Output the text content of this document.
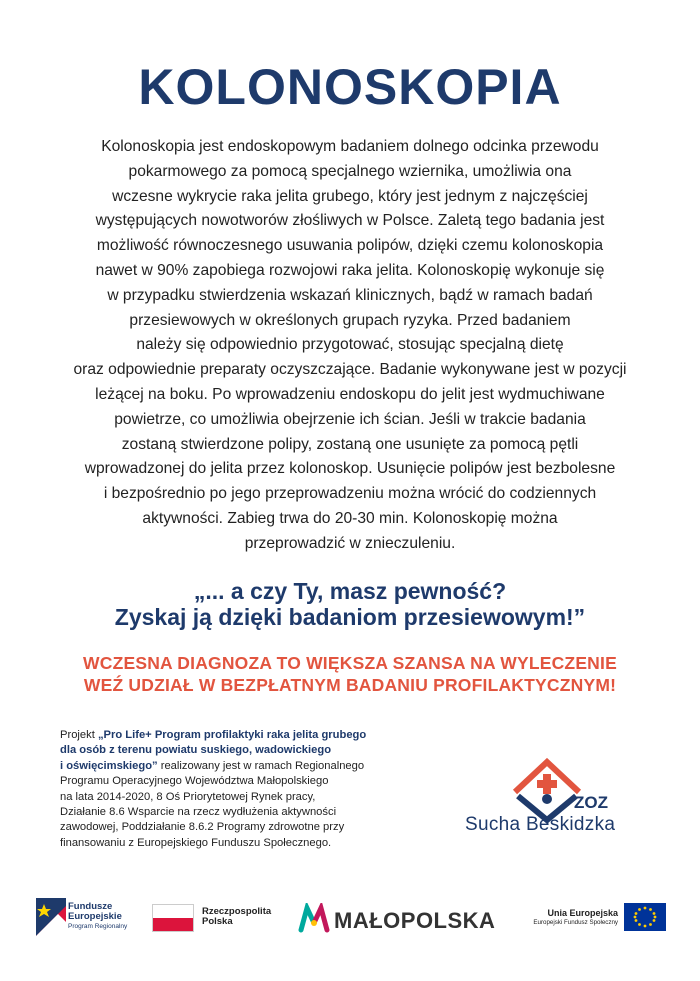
KOLONOSKOPIA
Kolonoskopia jest endoskopowym badaniem dolnego odcinka przewodu
pokarmowego za pomocą specjalnego wziernika, umożliwia ona
wczesne wykrycie raka jelita grubego, który jest jednym z najczęściej
występujących nowotworów złośliwych w Polsce. Zaletą tego badania jest
możliwość równoczesnego usuwania polipów, dzięki czemu kolonoskopia
nawet w 90% zapobiega rozwojowi raka jelita. Kolonoskopię wykonuje się
w przypadku stwierdzenia wskazań klinicznych, bądź w ramach badań
przesiewowych w określonych grupach ryzyka. Przed badaniem
należy się odpowiednio przygotować, stosując specjalną dietę
oraz odpowiednie preparaty oczyszczające. Badanie wykonywane jest w pozycji
leżącej na boku. Po wprowadzeniu endoskopu do jelit jest wydmuchiwane
powietrze, co umożliwia obejrzenie ich ścian. Jeśli w trakcie badania
zostaną stwierdzone polipy, zostaną one usunięte za pomocą pętli
wprowadzonej do jelita przez kolonoskop. Usunięcie polipów jest bezbolesne
i bezpośrednio po jego przeprowadzeniu można wrócić do codziennych
aktywności. Zabieg trwa do 20-30 min. Kolonoskopię można
przeprowadzić w znieczuleniu.
„... a czy Ty, masz pewność?
Zyskaj ją dzięki badaniom przesiewowym!”
WCZESNA DIAGNOZA TO WIĘKSZA SZANSA NA WYLECZENIE
WEŹ UDZIAŁ W BEZPŁATNYM BADANIU PROFILAKTYCZNYM!
Projekt „Pro Life+ Program profilaktyki raka jelita grubego
dla osób z terenu powiatu suskiego, wadowickiego
i oświęcimskiego” realizowany jest w ramach Regionalnego
Programu Operacyjnego Województwa Małopolskiego
na lata 2014-2020, 8 Oś Priorytetowej Rynek pracy,
Działanie 8.6 Wsparcie na rzecz wydłużenia aktywności
zawodowej, Poddziałanie 8.6.2 Programy zdrowotne przy
finansowaniu z Europejskiego Funduszu Społecznego.
ZOZ
Sucha Beskidzka
Fundusze
Europejskie
Program Regionalny
Rzeczpospolita
Polska	MAŁOPOLSKA	Unia Europejska
Europejski Fundusz Społeczny
